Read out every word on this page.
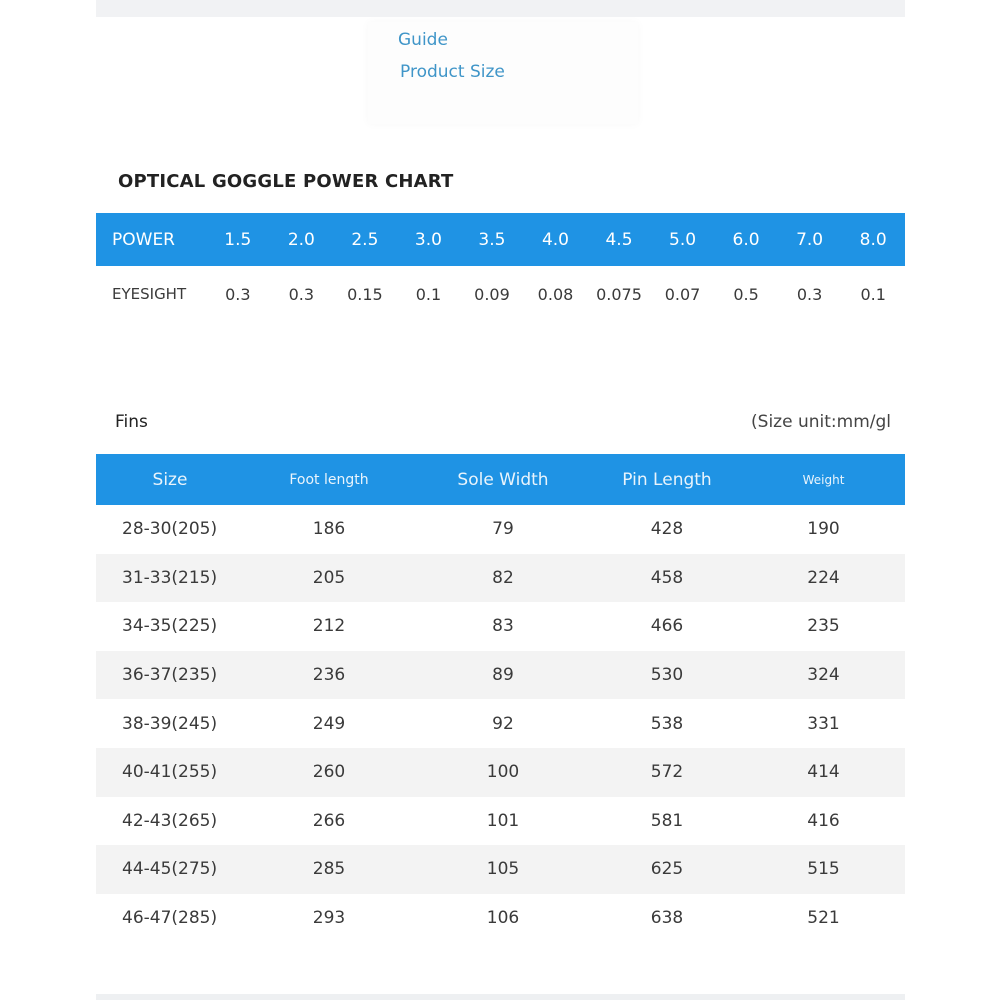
Guide
Product Size
OPTICAL GOGGLE POWER CHART
POWER	1.5	2.0	2.5	3.0	3.5	4.0	4.5	5.0	6.0	7.0	8.0
EYESIGHT	0.3	0.3	0.15	0.1	0.09	0.08	0.075	0.07	0.5	0.3	0.1
Fins	(Size unit:mm/gl
Size	Foot length	Sole Width	Pin Length	Weight
28-30(205)	186	79	428	190
31-33(215)	205	82	458	224
34-35(225)	212	83	466	235
36-37(235)	236	89	530	324
38-39(245)	249	92	538	331
40-41(255)	260	100	572	414
42-43(265)	266	101	581	416
44-45(275)	285	105	625	515
46-47(285)	293	106	638	521
